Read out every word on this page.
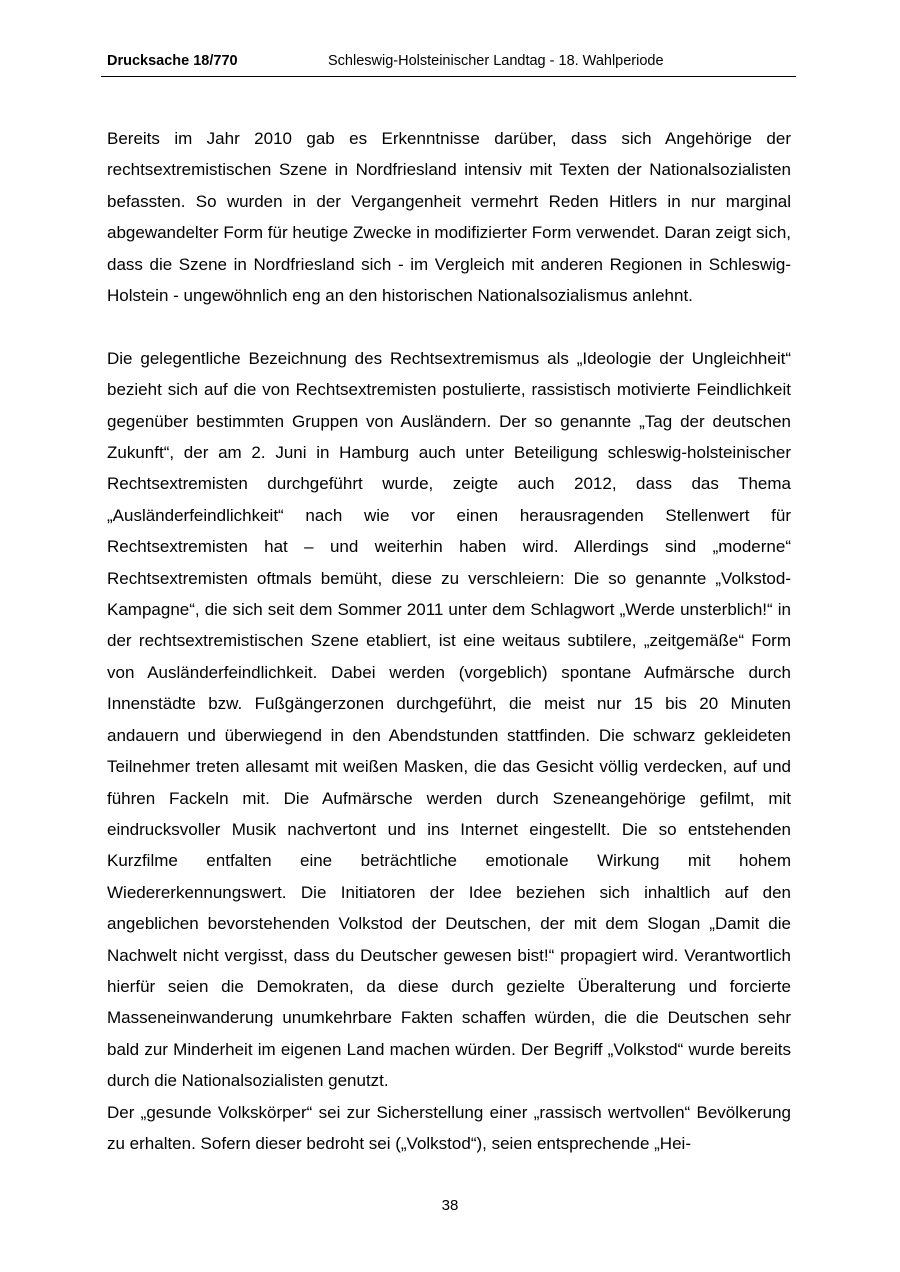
Drucksache 18/770	Schleswig-Holsteinischer Landtag - 18. Wahlperiode

Bereits im Jahr 2010 gab es Erkenntnisse darüber, dass sich Angehörige der rechtsextremistischen Szene in Nordfriesland intensiv mit Texten der Nationalsozialisten befassten. So wurden in der Vergangenheit vermehrt Reden Hitlers in nur marginal abgewandelter Form für heutige Zwecke in modifizierter Form verwendet. Daran zeigt sich, dass die Szene in Nordfriesland sich - im Vergleich mit anderen Regionen in Schleswig-Holstein - ungewöhnlich eng an den historischen Nationalsozialismus anlehnt.

Die gelegentliche Bezeichnung des Rechtsextremismus als „Ideologie der Ungleichheit“ bezieht sich auf die von Rechtsextremisten postulierte, rassistisch motivierte Feindlichkeit gegenüber bestimmten Gruppen von Ausländern. Der so genannte „Tag der deutschen Zukunft“, der am 2. Juni in Hamburg auch unter Beteiligung schleswig-holsteinischer Rechtsextremisten durchgeführt wurde, zeigte auch 2012, dass das Thema „Ausländerfeindlichkeit“ nach wie vor einen herausragenden Stellenwert für Rechtsextremisten hat – und weiterhin haben wird. Allerdings sind „moderne“ Rechtsextremisten oftmals bemüht, diese zu verschleiern: Die so genannte „Volkstod-Kampagne“, die sich seit dem Sommer 2011 unter dem Schlagwort „Werde unsterblich!“ in der rechtsextremistischen Szene etabliert, ist eine weitaus subtilere, „zeitgemäße“ Form von Ausländerfeindlichkeit. Dabei werden (vorgeblich) spontane Aufmärsche durch Innenstädte bzw. Fußgängerzonen durchgeführt, die meist nur 15 bis 20 Minuten andauern und überwiegend in den Abendstunden stattfinden. Die schwarz gekleideten Teilnehmer treten allesamt mit weißen Masken, die das Gesicht völlig verdecken, auf und führen Fackeln mit. Die Aufmärsche werden durch Szeneangehörige gefilmt, mit eindrucksvoller Musik nachvertont und ins Internet eingestellt. Die so entstehenden Kurzfilme entfalten eine beträchtliche emotionale Wirkung mit hohem Wiedererkennungswert. Die Initiatoren der Idee beziehen sich inhaltlich auf den angeblichen bevorstehenden Volkstod der Deutschen, der mit dem Slogan „Damit die Nachwelt nicht vergisst, dass du Deutscher gewesen bist!“ propagiert wird. Verantwortlich hierfür seien die Demokraten, da diese durch gezielte Überalterung und forcierte Masseneinwanderung unumkehrbare Fakten schaffen würden, die die Deutschen sehr bald zur Minderheit im eigenen Land machen würden. Der Begriff „Volkstod“ wurde bereits durch die Nationalsozialisten genutzt.

Der „gesunde Volkskörper“ sei zur Sicherstellung einer „rassisch wertvollen“ Bevölkerung zu erhalten. Sofern dieser bedroht sei („Volkstod“), seien entsprechende „Hei-

38
